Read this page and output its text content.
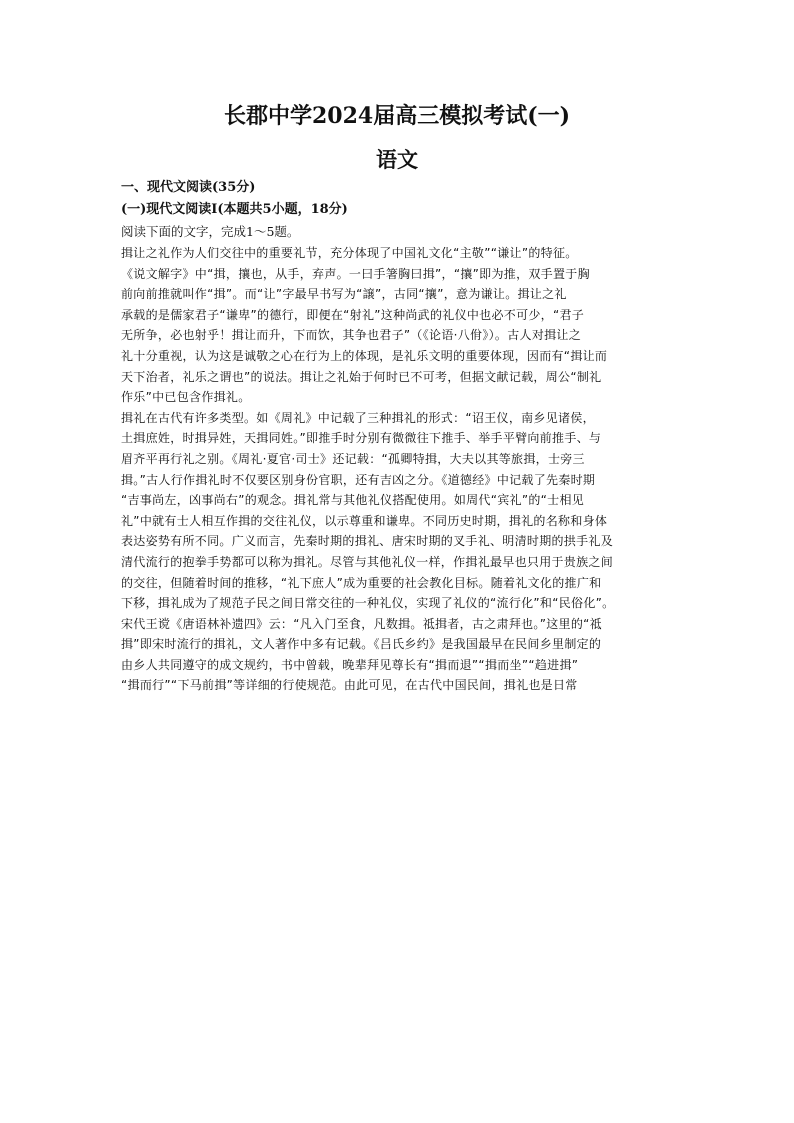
长郡中学2024届高三模拟考试(一)
语文
一、现代文阅读(35分)
(一)现代文阅读Ⅰ(本题共5小题，18分)
阅读下面的文字，完成1～5题。
揖让之礼作为人们交往中的重要礼节，充分体现了中国礼文化“主敬”“谦让”的特征。
《说文解字》中“揖，攘也，从手，弃声。一曰手箸胸曰揖”，“攘”即为推，双手置于胸
前向前推就叫作“揖”。而“让”字最早书写为“譲”，古同“攘”，意为谦让。揖让之礼
承载的是儒家君子“谦卑”的德行，即便在“射礼”这种尚武的礼仪中也必不可少，“君子
无所争，必也射乎！揖让而升，下而饮，其争也君子”（《论语·八佾》）。古人对揖让之
礼十分重视，认为这是诚敬之心在行为上的体现，是礼乐文明的重要体现，因而有“揖让而
天下治者，礼乐之谓也”的说法。揖让之礼始于何时已不可考，但据文献记载，周公“制礼
作乐”中已包含作揖礼。
揖礼在古代有许多类型。如《周礼》中记载了三种揖礼的形式：“诏王仪，南乡见诸侯，
土揖庶姓，时揖异姓，天揖同姓。”即推手时分别有微微往下推手、举手平臂向前推手、与
眉齐平再行礼之别。《周礼·夏官·司士》还记载：“孤卿特揖，大夫以其等旅揖，士旁三
揖。”古人行作揖礼时不仅要区别身份官职，还有吉凶之分。《道德经》中记载了先秦时期
“吉事尚左，凶事尚右”的观念。揖礼常与其他礼仪搭配使用。如周代“宾礼”的“士相见
礼”中就有士人相互作揖的交往礼仪，以示尊重和谦卑。不同历史时期，揖礼的名称和身体
表达姿势有所不同。广义而言，先秦时期的揖礼、唐宋时期的叉手礼、明清时期的拱手礼及
清代流行的抱拳手势都可以称为揖礼。尽管与其他礼仪一样，作揖礼最早也只用于贵族之间
的交往，但随着时间的推移，“礼下庶人”成为重要的社会教化目标。随着礼文化的推广和
下移，揖礼成为了规范子民之间日常交往的一种礼仪，实现了礼仪的“流行化”和“民俗化”。
宋代王谠《唐语林补遗四》云：“凡入门至食，凡数揖。祗揖者，古之肃拜也。”这里的“祗
揖”即宋时流行的揖礼，文人著作中多有记载。《吕氏乡约》是我国最早在民间乡里制定的
由乡人共同遵守的成文规约，书中曾载，晚辈拜见尊长有“揖而退”“揖而坐”“趋进揖”
“揖而行”“下马前揖”等详细的行使规范。由此可见，在古代中国民间，揖礼也是日常
